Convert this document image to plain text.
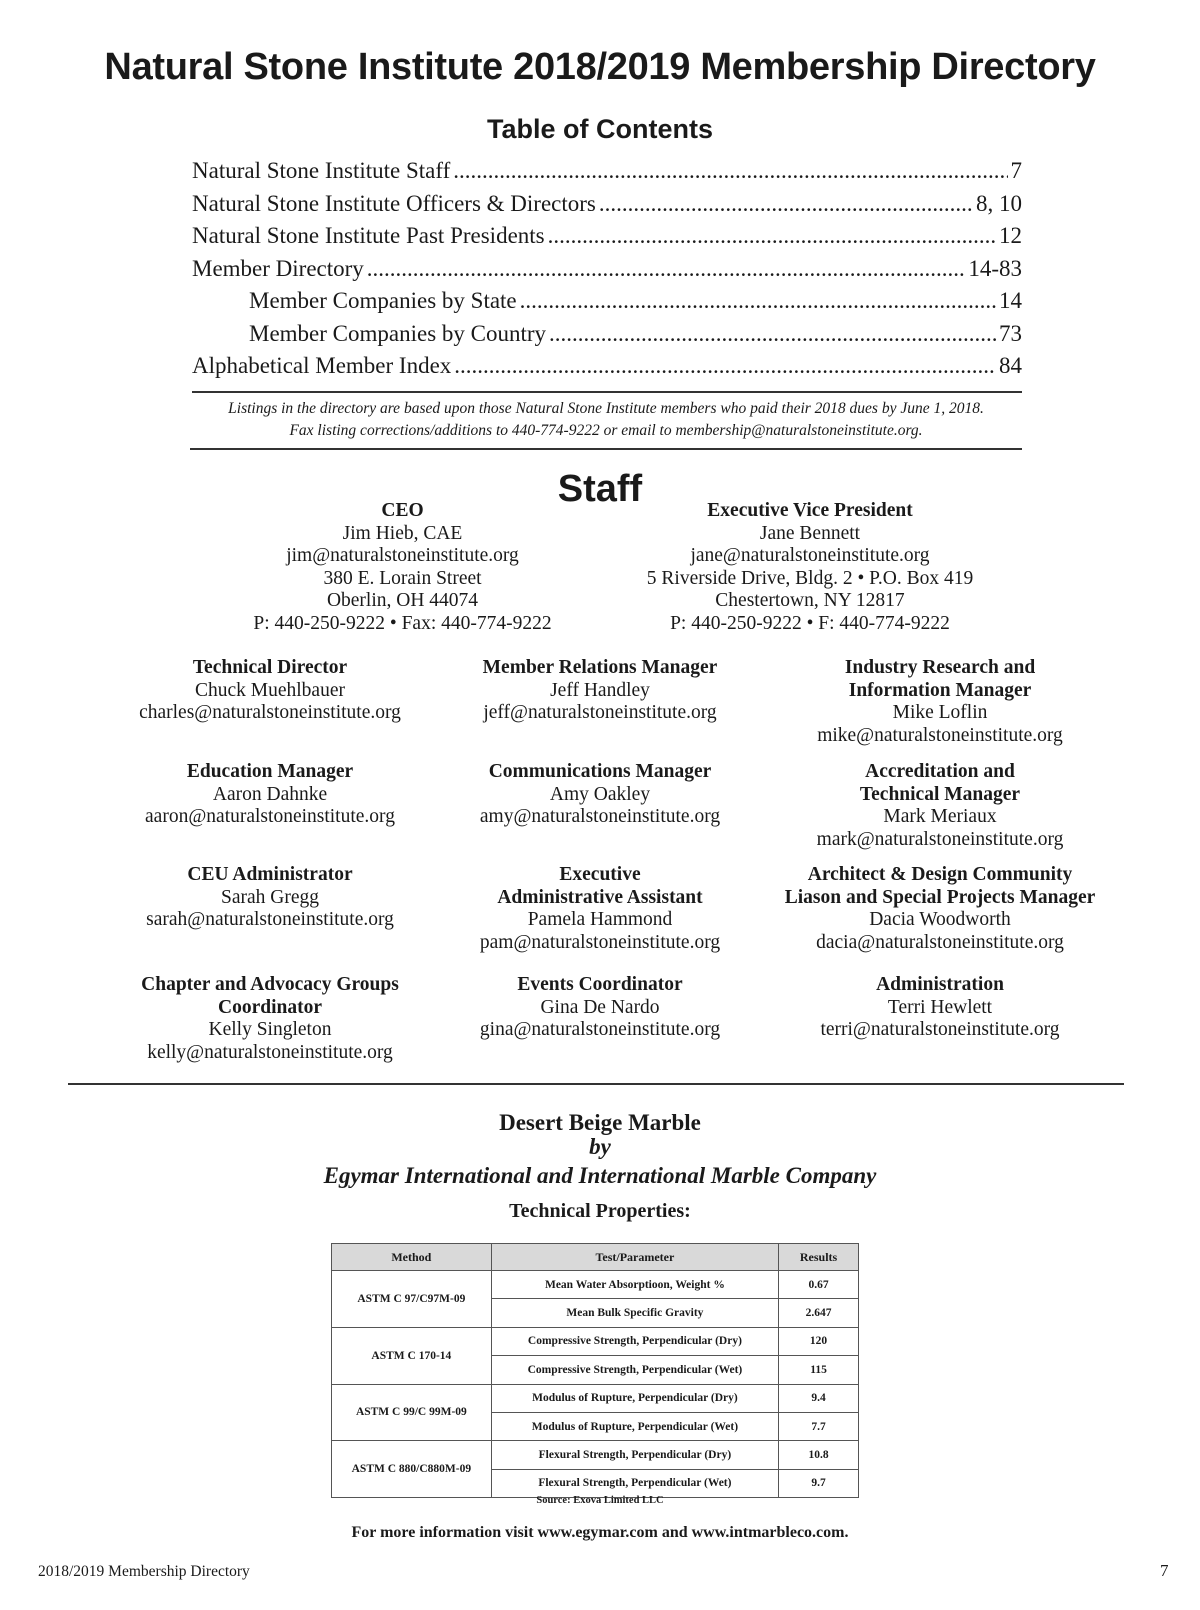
Natural Stone Institute 2018/2019 Membership Directory
Table of Contents
Natural Stone Institute Staff .....	7
Natural Stone Institute Officers & Directors .....	8, 10
Natural Stone Institute Past Presidents .....	12
Member Directory .....	14-83
Member Companies by State .....	14
Member Companies by Country .....	73
Alphabetical Member Index .....	84
Listings in the directory are based upon those Natural Stone Institute members who paid their 2018 dues by June 1, 2018.
Fax listing corrections/additions to 440-774-9222 or email to membership@naturalstoneinstitute.org.
Staff
CEO
Jim Hieb, CAE
jim@naturalstoneinstitute.org
380 E. Lorain Street
Oberlin, OH 44074
P: 440-250-9222 • Fax: 440-774-9222
Executive Vice President
Jane Bennett
jane@naturalstoneinstitute.org
5 Riverside Drive, Bldg. 2 • P.O. Box 419
Chestertown, NY 12817
P: 440-250-9222 • F: 440-774-9222
Technical Director
Chuck Muehlbauer
charles@naturalstoneinstitute.org
Member Relations Manager
Jeff Handley
jeff@naturalstoneinstitute.org
Industry Research and
Information Manager
Mike Loflin
mike@naturalstoneinstitute.org
Education Manager
Aaron Dahnke
aaron@naturalstoneinstitute.org
Communications Manager
Amy Oakley
amy@naturalstoneinstitute.org
Accreditation and
Technical Manager
Mark Meriaux
mark@naturalstoneinstitute.org
CEU Administrator
Sarah Gregg
sarah@naturalstoneinstitute.org
Executive
Administrative Assistant
Pamela Hammond
pam@naturalstoneinstitute.org
Architect & Design Community
Liason and Special Projects Manager
Dacia Woodworth
dacia@naturalstoneinstitute.org
Chapter and Advocacy Groups
Coordinator
Kelly Singleton
kelly@naturalstoneinstitute.org
Events Coordinator
Gina De Nardo
gina@naturalstoneinstitute.org
Administration
Terri Hewlett
terri@naturalstoneinstitute.org
Desert Beige Marble
by
Egymar International and International Marble Company
Technical Properties:
Method	Test/Parameter	Results
ASTM C 97/C97M-09	Mean Water Absorptioon, Weight %	0.67
	Mean Bulk Specific Gravity	2.647
ASTM C 170-14	Compressive Strength, Perpendicular (Dry)	120
	Compressive Strength, Perpendicular (Wet)	115
ASTM C 99/C 99M-09	Modulus of Rupture, Perpendicular (Dry)	9.4
	Modulus of Rupture, Perpendicular (Wet)	7.7
ASTM C 880/C880M-09	Flexural Strength, Perpendicular (Dry)	10.8
	Flexural Strength, Perpendicular (Wet)	9.7
Source: Exova Limited LLC
For more information visit www.egymar.com and www.intmarbleco.com.
2018/2019 Membership Directory	7
